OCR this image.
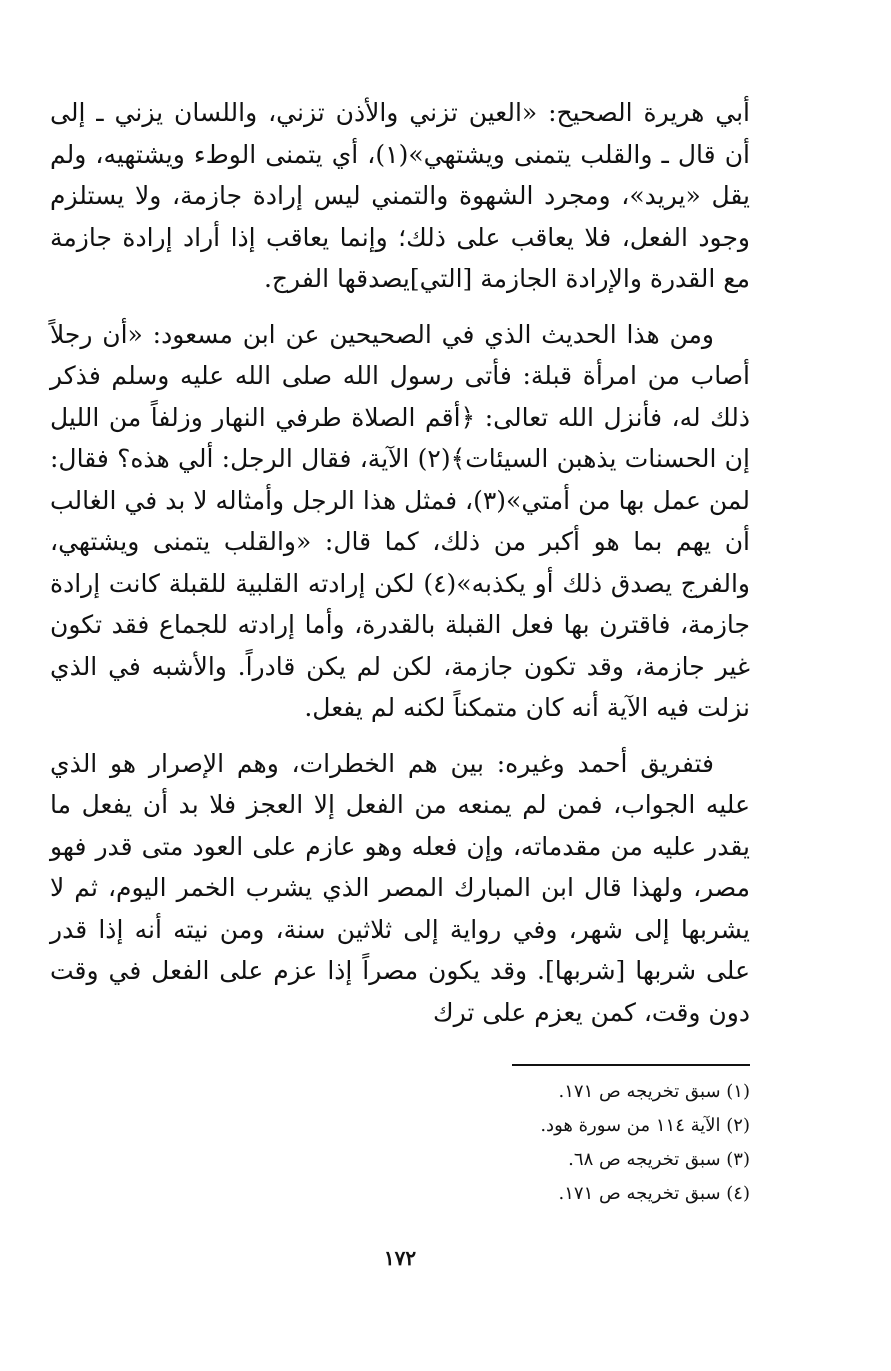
أبي هريرة الصحيح: «العين تزني والأذن تزني، واللسان يزني ـ إلى أن قال ـ والقلب يتمنى ويشتهي»(١)، أي يتمنى الوطء ويشتهيه، ولم يقل «يريد»، ومجرد الشهوة والتمني ليس إرادة جازمة، ولا يستلزم وجود الفعل، فلا يعاقب على ذلك؛ وإنما يعاقب إذا أراد إرادة جازمة مع القدرة والإرادة الجازمة [التي]يصدقها الفرج.

ومن هذا الحديث الذي في الصحيحين عن ابن مسعود: «أن رجلاً أصاب من امرأة قبلة: فأتى رسول الله صلى الله عليه وسلم فذكر ذلك له، فأنزل الله تعالى: ﴿أقم الصلاة طرفي النهار وزلفاً من الليل إن الحسنات يذهبن السيئات﴾(٢) الآية، فقال الرجل: ألي هذه؟ فقال: لمن عمل بها من أمتي»(٣)، فمثل هذا الرجل وأمثاله لا بد في الغالب أن يهم بما هو أكبر من ذلك، كما قال: «والقلب يتمنى ويشتهي، والفرج يصدق ذلك أو يكذبه»(٤) لكن إرادته القلبية للقبلة كانت إرادة جازمة، فاقترن بها فعل القبلة بالقدرة، وأما إرادته للجماع فقد تكون غير جازمة، وقد تكون جازمة، لكن لم يكن قادراً. والأشبه في الذي نزلت فيه الآية أنه كان متمكناً لكنه لم يفعل.

فتفريق أحمد وغيره: بين هم الخطرات، وهم الإصرار هو الذي عليه الجواب، فمن لم يمنعه من الفعل إلا العجز فلا بد أن يفعل ما يقدر عليه من مقدماته، وإن فعله وهو عازم على العود متى قدر فهو مصر، ولهذا قال ابن المبارك المصر الذي يشرب الخمر اليوم، ثم لا يشربها إلى شهر، وفي رواية إلى ثلاثين سنة، ومن نيته أنه إذا قدر على شربها [شربها]. وقد يكون مصراً إذا عزم على الفعل في وقت دون وقت، كمن يعزم على ترك

(١) سبق تخريجه ص ١٧١.

(٢) الآية ١١٤ من سورة هود.

(٣) سبق تخريجه ص ٦٨.

(٤) سبق تخريجه ص ١٧١.

١٧٢
